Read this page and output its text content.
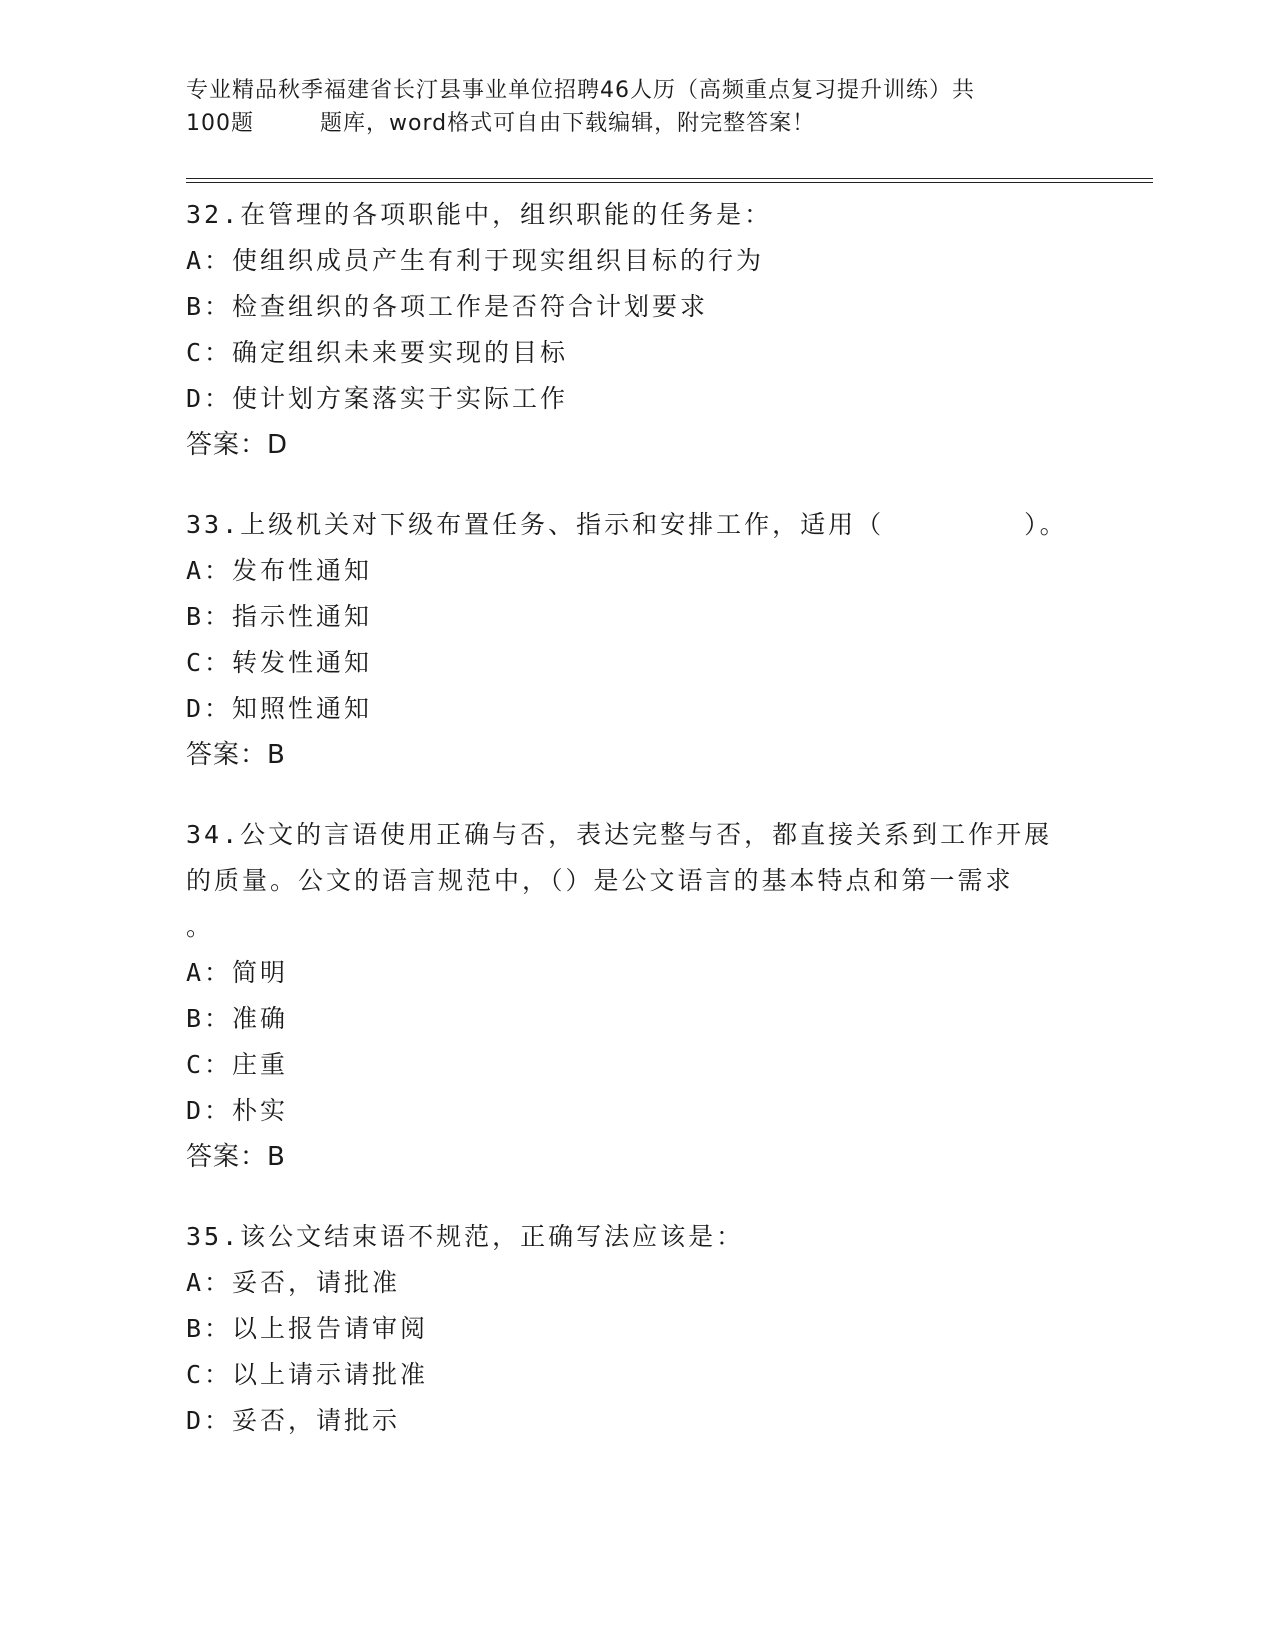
专业精品秋季福建省长汀县事业单位招聘46人历（高频重点复习提升训练）共
100题	题库，word格式可自由下载编辑，附完整答案！
32.在管理的各项职能中，组织职能的任务是：
A：使组织成员产生有利于现实组织目标的行为
B：检查组织的各项工作是否符合计划要求
C：确定组织未来要实现的目标
D：使计划方案落实于实际工作
答案：D
33.上级机关对下级布置任务、指示和安排工作，适用（　　　　　）。
A：发布性通知
B：指示性通知
C：转发性通知
D：知照性通知
答案：B
34.公文的言语使用正确与否，表达完整与否，都直接关系到工作开展
的质量。公文的语言规范中，（）是公文语言的基本特点和第一需求
。
A：简明
B：准确
C：庄重
D：朴实
答案：B
35.该公文结束语不规范，正确写法应该是：
A：妥否，请批准
B：以上报告请审阅
C：以上请示请批准
D：妥否，请批示
